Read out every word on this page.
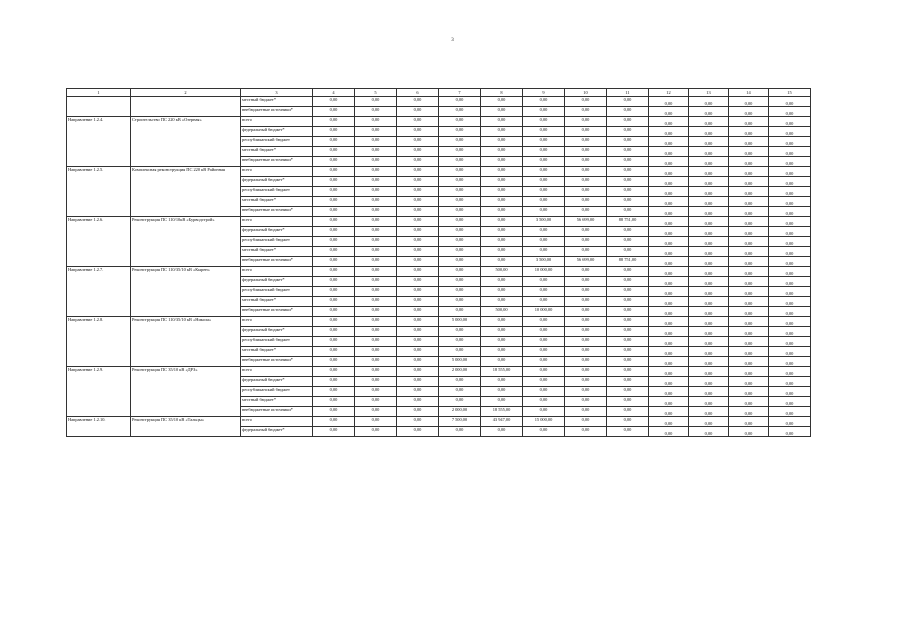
3
1	2	3	4	5	6	7	8	9	10	11	12	13	14	15
		местный бюджет*	0,00	0,00	0,00	0,00	0,00	0,00	0,00	0,00	0,00	0,00	0,00	0,00
		внебюджетные источники*	0,00	0,00	0,00	0,00	0,00	0,00	0,00	0,00	0,00	0,00	0,00	0,00
Направление 1.2.4.	Строительство ПС 220 кВ «Озерная»	всего	0,00	0,00	0,00	0,00	0,00	0,00	0,00	0,00	0,00	0,00	0,00	0,00
		федеральный бюджет*	0,00	0,00	0,00	0,00	0,00	0,00	0,00	0,00	0,00	0,00	0,00	0,00
		республиканский бюджет	0,00	0,00	0,00	0,00	0,00	0,00	0,00	0,00	0,00	0,00	0,00	0,00
		местный бюджет*	0,00	0,00	0,00	0,00	0,00	0,00	0,00	0,00	0,00	0,00	0,00	0,00
		внебюджетные источники*	0,00	0,00	0,00	0,00	0,00	0,00	0,00	0,00	0,00	0,00	0,00	0,00
Направление 1.2.5.	Комплексная реконструкция ПС 220 кВ Районная	всего	0,00	0,00	0,00	0,00	0,00	0,00	0,00	0,00	0,00	0,00	0,00	0,00
		федеральный бюджет*	0,00	0,00	0,00	0,00	0,00	0,00	0,00	0,00	0,00	0,00	0,00	0,00
		республиканский бюджет	0,00	0,00	0,00	0,00	0,00	0,00	0,00	0,00	0,00	0,00	0,00	0,00
		местный бюджет*	0,00	0,00	0,00	0,00	0,00	0,00	0,00	0,00	0,00	0,00	0,00	0,00
		внебюджетные источники*	0,00	0,00	0,00	0,00	0,00	0,00	0,00	0,00	0,00	0,00	0,00	0,00
Направление 1.2.6.	Реконструкция ПС 110/10кВ «Бурводстрой»	всего	0,00	0,00	0,00	0,00	0,00	3 500,00	56 699,00	88 751,00	0,00	0,00	0,00	0,00
		федеральный бюджет*	0,00	0,00	0,00	0,00	0,00	0,00	0,00	0,00	0,00	0,00	0,00	0,00
		республиканский бюджет	0,00	0,00	0,00	0,00	0,00	0,00	0,00	0,00	0,00	0,00	0,00	0,00
		местный бюджет*	0,00	0,00	0,00	0,00	0,00	0,00	0,00	0,00	0,00	0,00	0,00	0,00
		внебюджетные источники*	0,00	0,00	0,00	0,00	0,00	3 500,00	56 699,00	88 751,00	0,00	0,00	0,00	0,00
Направление 1.2.7.	Реконструкция ПС 110/35/10 кВ «Кырен»	всего	0,00	0,00	0,00	0,00	500,00	10 000,00	0,00	0,00	0,00	0,00	0,00	0,00
		федеральный бюджет*	0,00	0,00	0,00	0,00	0,00	0,00	0,00	0,00	0,00	0,00	0,00	0,00
		республиканский бюджет	0,00	0,00	0,00	0,00	0,00	0,00	0,00	0,00	0,00	0,00	0,00	0,00
		местный бюджет*	0,00	0,00	0,00	0,00	0,00	0,00	0,00	0,00	0,00	0,00	0,00	0,00
		внебюджетные источники*	0,00	0,00	0,00	0,00	500,00	10 000,00	0,00	0,00	0,00	0,00	0,00	0,00
Направление 1.2.8.	Реконструкция ПС 110/35/10 кВ «Никола»	всего	0,00	0,00	0,00	5 000,00	0,00	0,00	0,00	0,00	0,00	0,00	0,00	0,00
		федеральный бюджет*	0,00	0,00	0,00	0,00	0,00	0,00	0,00	0,00	0,00	0,00	0,00	0,00
		республиканский бюджет	0,00	0,00	0,00	0,00	0,00	0,00	0,00	0,00	0,00	0,00	0,00	0,00
		местный бюджет*	0,00	0,00	0,00	0,00	0,00	0,00	0,00	0,00	0,00	0,00	0,00	0,00
		внебюджетные источники*	0,00	0,00	0,00	5 000,00	0,00	0,00	0,00	0,00	0,00	0,00	0,00	0,00
Направление 1.2.9.	Реконструкция ПС 35/10 кВ «ДРЗ»	всего	0,00	0,00	0,00	2 000,00	18 555,00	0,00	0,00	0,00	0,00	0,00	0,00	0,00
		федеральный бюджет*	0,00	0,00	0,00	0,00	0,00	0,00	0,00	0,00	0,00	0,00	0,00	0,00
		республиканский бюджет	0,00	0,00	0,00	0,00	0,00	0,00	0,00	0,00	0,00	0,00	0,00	0,00
		местный бюджет*	0,00	0,00	0,00	0,00	0,00	0,00	0,00	0,00	0,00	0,00	0,00	0,00
		внебюджетные источники*	0,00	0,00	0,00	2 000,00	18 555,00	0,00	0,00	0,00	0,00	0,00	0,00	0,00
Направление 1.2.10.	Реконструкция ПС 35/10 кВ «Тальцы»	всего	0,00	0,00	0,00	7 500,00	43 947,00	15 000,00	0,00	0,00	0,00	0,00	0,00	0,00
		федеральный бюджет*	0,00	0,00	0,00	0,00	0,00	0,00	0,00	0,00	0,00	0,00	0,00	0,00
